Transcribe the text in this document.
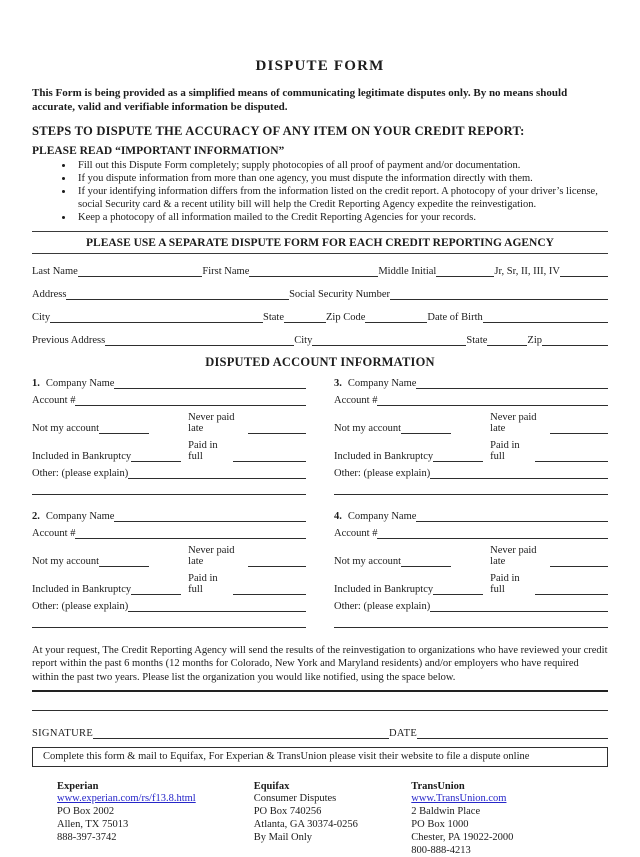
DISPUTE FORM

This Form is being provided as a simplified means of communicating legitimate disputes only. By no means should accurate, valid and verifiable information be disputed.

STEPS TO DISPUTE THE ACCURACY OF ANY ITEM ON YOUR CREDIT REPORT:
PLEASE READ “IMPORTANT INFORMATION”
• Fill out this Dispute Form completely; supply photocopies of all proof of payment and/or documentation.
• If you dispute information from more than one agency, you must dispute the information directly with them.
• If your identifying information differs from the information listed on the credit report. A photocopy of your driver’s license, social Security card & a recent utility bill will help the Credit Reporting Agency expedite the reinvestigation.
• Keep a photocopy of all information mailed to the Credit Reporting Agencies for your records.
PLEASE USE A SEPARATE DISPUTE FORM FOR EACH CREDIT REPORTING AGENCY
Last Name	First Name	Middle Initial	Jr, Sr, II, III, IV
Address	Social Security Number
City	State	Zip Code	Date of Birth
Previous Address	City	State	Zip
DISPUTED ACCOUNT INFORMATION
1. Company Name
Account #
Not my account
Never paid late
Included in Bankruptcy
Paid in full
Other: (please explain)
3. Company Name
Account #
Not my account
Never paid late
Included in Bankruptcy
Paid in full
Other: (please explain)
2. Company Name
Account #
Not my account
Never paid late
Included in Bankruptcy
Paid in full
Other: (please explain)
4. Company Name
Account #
Not my account
Never paid late
Included in Bankruptcy
Paid in full
Other: (please explain)

At your request, The Credit Reporting Agency will send the results of the reinvestigation to organizations who have reviewed your credit report within the past 6 months (12 months for Colorado, New York and Maryland residents) and/or employers who have required within the past two years. Please list the organization you would like notified, using the space below.

SIGNATURE	DATE
Complete this form & mail to Equifax, For Experian & TransUnion please visit their website to file a dispute online
Experian
www.experian.com/rs/f13.8.html
PO Box 2002
Allen, TX 75013
888-397-3742
Equifax
Consumer Disputes
PO Box 740256
Atlanta, GA 30374-0256
By Mail Only
TransUnion
www.TransUnion.com
2 Baldwin Place
PO Box 1000
Chester, PA 19022-2000
800-888-4213
